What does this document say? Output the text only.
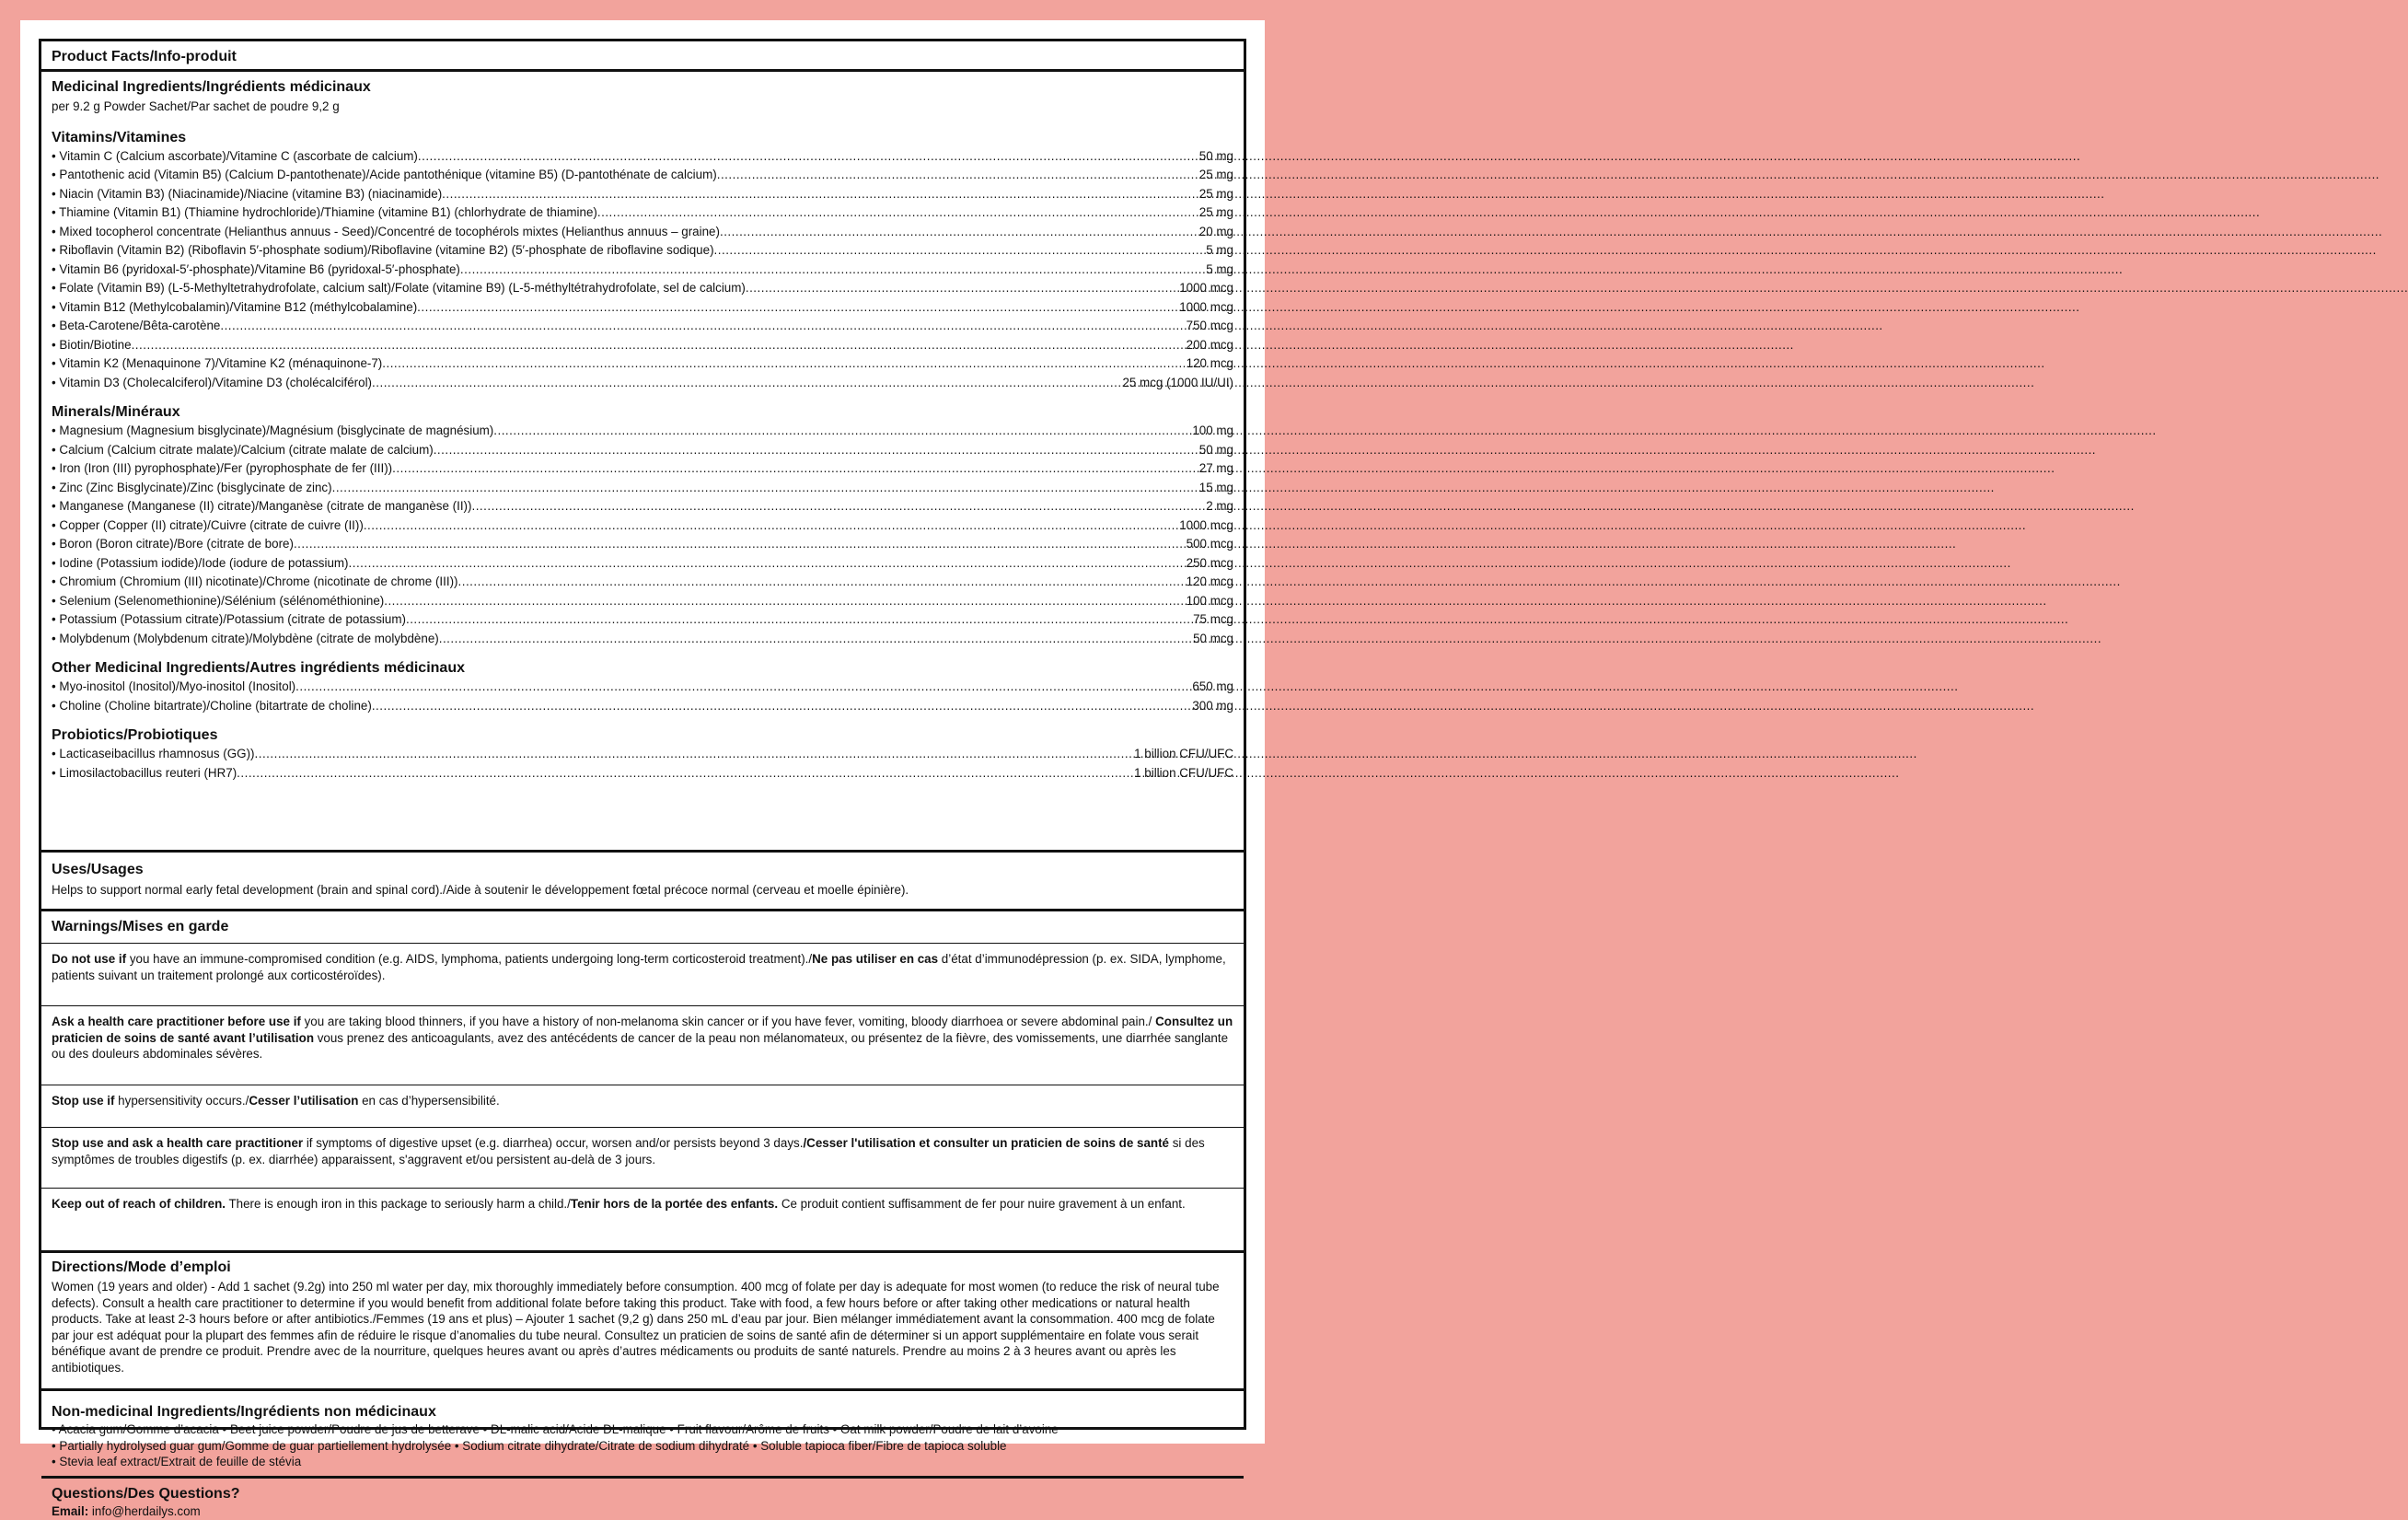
Product Facts/Info-produit
Medicinal Ingredients/Ingrédients médicinaux
per 9.2 g Powder Sachet/Par sachet de poudre 9,2 g
Vitamins/Vitamines
• Vitamin C (Calcium ascorbate)/Vitamine C (ascorbate de calcium) .....	50 mg
• Pantothenic acid (Vitamin B5) (Calcium D-pantothenate)/Acide pantothénique (vitamine B5) (D-pantothénate de calcium) .....	25 mg
• Niacin (Vitamin B3) (Niacinamide)/Niacine (vitamine B3) (niacinamide) .....	25 mg
• Thiamine (Vitamin B1) (Thiamine hydrochloride)/Thiamine (vitamine B1) (chlorhydrate de thiamine) .....	25 mg
• Mixed tocopherol concentrate (Helianthus annuus - Seed)/Concentré de tocophérols mixtes (Helianthus annuus – graine) .....	20 mg
• Riboflavin (Vitamin B2) (Riboflavin 5′-phosphate sodium)/Riboflavine (vitamine B2) (5′-phosphate de riboflavine sodique) .....	5 mg
• Vitamin B6 (pyridoxal-5′-phosphate)/Vitamine B6 (pyridoxal-5′-phosphate) .....	5 mg
• Folate (Vitamin B9) (L-5-Methyltetrahydrofolate, calcium salt)/Folate (vitamine B9) (L-5-méthyltétrahydrofolate, sel de calcium) .....	1000 mcg
• Vitamin B12 (Methylcobalamin)/Vitamine B12 (méthylcobalamine) .....	1000 mcg
• Beta-Carotene/Bêta-carotène .....	750 mcg
• Biotin/Biotine .....	200 mcg
• Vitamin K2 (Menaquinone 7)/Vitamine K2 (ménaquinone-7) .....	120 mcg
• Vitamin D3 (Cholecalciferol)/Vitamine D3 (cholécalciférol) .....	25 mcg (1000 IU/UI)
Minerals/Minéraux
• Magnesium (Magnesium bisglycinate)/Magnésium (bisglycinate de magnésium) .....	100 mg
• Calcium (Calcium citrate malate)/Calcium (citrate malate de calcium) .....	50 mg
• Iron (Iron (III) pyrophosphate)/Fer (pyrophosphate de fer (III)) .....	27 mg
• Zinc (Zinc Bisglycinate)/Zinc (bisglycinate de zinc) .....	15 mg
• Manganese (Manganese (II) citrate)/Manganèse (citrate de manganèse (II)) .....	2 mg
• Copper (Copper (II) citrate)/Cuivre (citrate de cuivre (II)) .....	1000 mcg
• Boron (Boron citrate)/Bore (citrate de bore) .....	500 mcg
• Iodine (Potassium iodide)/Iode (iodure de potassium) .....	250 mcg
• Chromium (Chromium (III) nicotinate)/Chrome (nicotinate de chrome (III)) .....	120 mcg
• Selenium (Selenomethionine)/Sélénium (sélénométhionine) .....	100 mcg
• Potassium (Potassium citrate)/Potassium (citrate de potassium) .....	75 mcg
• Molybdenum (Molybdenum citrate)/Molybdène (citrate de molybdène) .....	50 mcg
Other Medicinal Ingredients/Autres ingrédients médicinaux
• Myo-inositol (Inositol)/Myo-inositol (Inositol) .....	650 mg
• Choline (Choline bitartrate)/Choline (bitartrate de choline) .....	300 mg
Probiotics/Probiotiques
• Lacticaseibacillus rhamnosus (GG)) .....	1 billion CFU/UFC
• Limosilactobacillus reuteri (HR7) .....	1 billion CFU/UFC
Uses/Usages
Helps to support normal early fetal development (brain and spinal cord)./Aide à soutenir le développement fœtal précoce normal (cerveau et moelle épinière).
Warnings/Mises en garde
Do not use if you have an immune-compromised condition (e.g. AIDS, lymphoma, patients undergoing long-term corticosteroid treatment)./Ne pas utiliser en cas d’état d’immunodépression (p. ex. SIDA, lymphome, patients suivant un traitement prolongé aux corticostéroïdes).
Ask a health care practitioner before use if you are taking blood thinners, if you have a history of non-melanoma skin cancer or if you have fever, vomiting, bloody diarrhoea or severe abdominal pain./ Consultez un praticien de soins de santé avant l’utilisation vous prenez des anticoagulants, avez des antécédents de cancer de la peau non mélanomateux, ou présentez de la fièvre, des vomissements, une diarrhée sanglante ou des douleurs abdominales sévères.
Stop use if hypersensitivity occurs./Cesser l’utilisation en cas d’hypersensibilité.
Stop use and ask a health care practitioner if symptoms of digestive upset (e.g. diarrhea) occur, worsen and/or persists beyond 3 days./Cesser l'utilisation et consulter un praticien de soins de santé si des symptômes de troubles digestifs (p. ex. diarrhée) apparaissent, s'aggravent et/ou persistent au-delà de 3 jours.
Keep out of reach of children. There is enough iron in this package to seriously harm a child./Tenir hors de la portée des enfants. Ce produit contient suffisamment de fer pour nuire gravement à un enfant.
Directions/Mode d’emploi
Women (19 years and older) - Add 1 sachet (9.2g) into 250 ml water per day, mix thoroughly immediately before consumption. 400 mcg of folate per day is adequate for most women (to reduce the risk of neural tube defects). Consult a health care practitioner to determine if you would benefit from additional folate before taking this product. Take with food, a few hours before or after taking other medications or natural health products. Take at least 2-3 hours before or after antibiotics./Femmes (19 ans et plus) – Ajouter 1 sachet (9,2 g) dans 250 mL d’eau par jour. Bien mélanger immédiatement avant la consommation. 400 mcg de folate par jour est adéquat pour la plupart des femmes afin de réduire le risque d’anomalies du tube neural. Consultez un praticien de soins de santé afin de déterminer si un apport supplémentaire en folate vous serait bénéfique avant de prendre ce produit. Prendre avec de la nourriture, quelques heures avant ou après d’autres médicaments ou produits de santé naturels. Prendre au moins 2 à 3 heures avant ou après les antibiotiques.
Non-medicinal Ingredients/Ingrédients non médicinaux
• Acacia gum/Gomme d’acacia • Beet juice powder/Poudre de jus de betterave • DL-malic acid/Acide DL-malique • Fruit flavour/Arôme de fruits • Oat milk powder/Poudre de lait d’avoine
• Partially hydrolysed guar gum/Gomme de guar partiellement hydrolysée • Sodium citrate dihydrate/Citrate de sodium dihydraté • Soluble tapioca fiber/Fibre de tapioca soluble
• Stevia leaf extract/Extrait de feuille de stévia
Questions/Des Questions?
Email: info@herdailys.com
